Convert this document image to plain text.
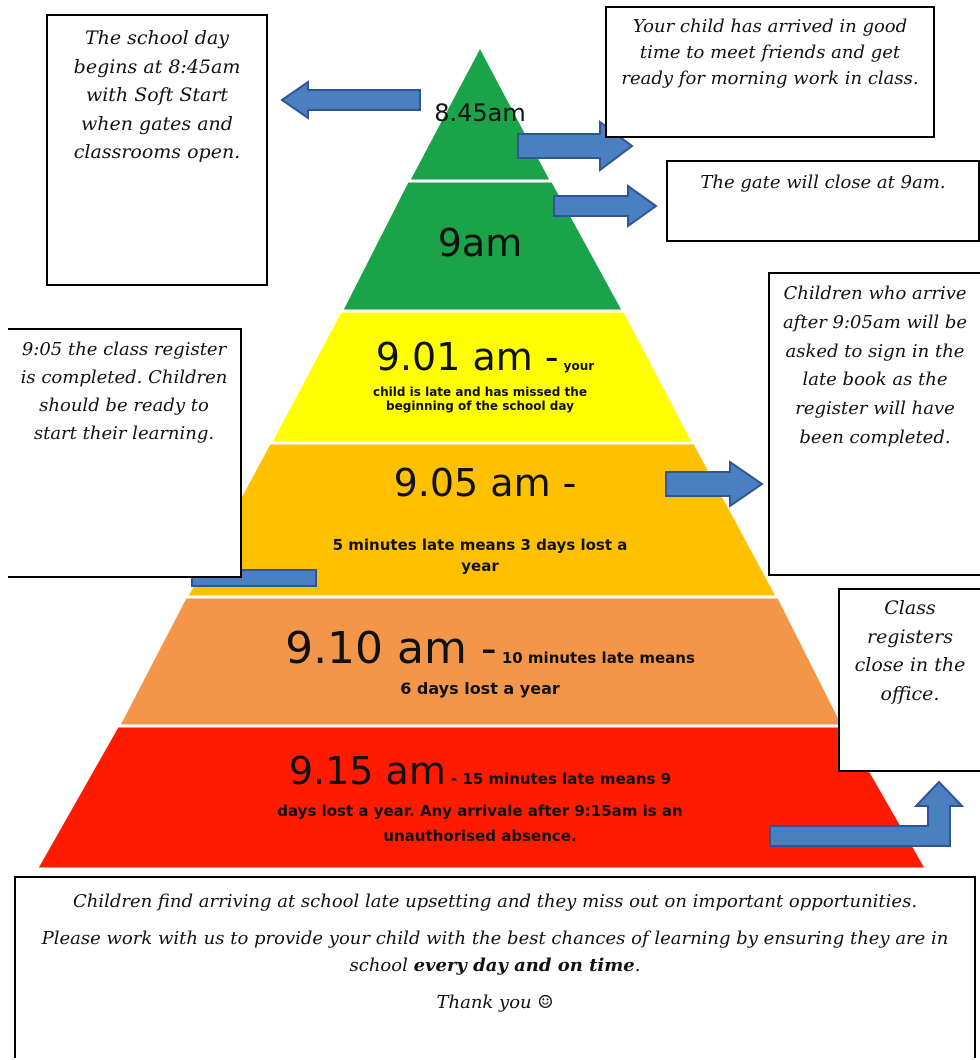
8.45am
9am
9.01 am - your
child is late and has missed the beginning of the school day
9.05 am -
5 minutes late means 3 days lost a
year
9.10 am - 10 minutes late means
6 days lost a year
9.15 am - 15 minutes late means 9
days lost a year. Any arrivale after 9:15am is an
unauthorised absence.

The school day begins at 8:45am with Soft Start when gates and classrooms open.

Your child has arrived in good time to meet friends and get ready for morning work in class.

The gate will close at 9am.

9:05 the class register is completed. Children should be ready to start their learning.

Children who arrive after 9:05am will be asked to sign in the late book as the register will have been completed.

Class registers close in the office.

Children find arriving at school late upsetting and they miss out on important opportunities.

Please work with us to provide your child with the best chances of learning by ensuring they are in school every day and on time.

Thank you ☺
